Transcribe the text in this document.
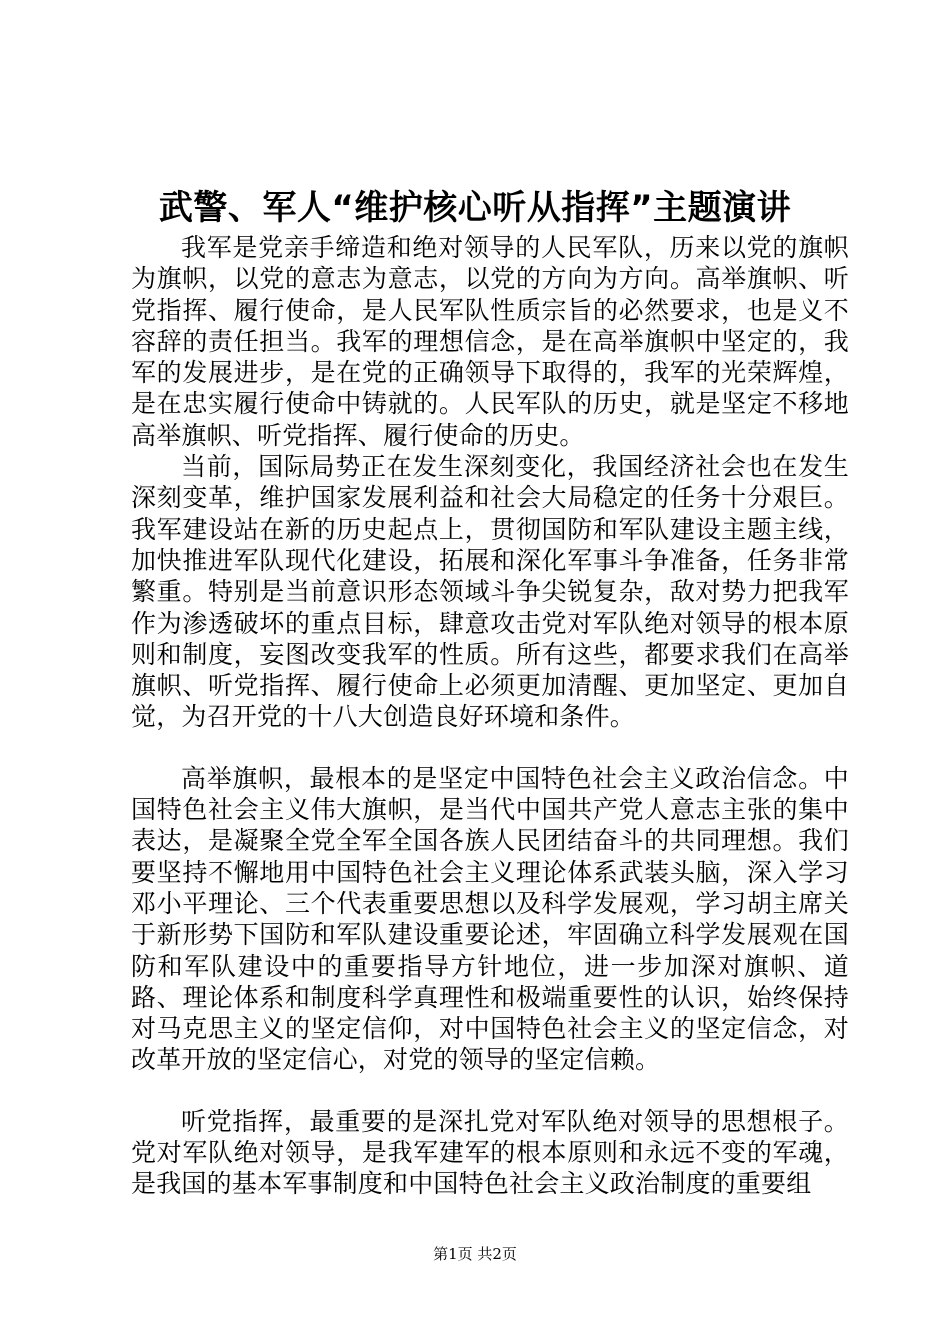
武警、军人“维护核心听从指挥”主题演讲

我军是党亲手缔造和绝对领导的人民军队，历来以党的旗帜为旗帜，以党的意志为意志，以党的方向为方向。高举旗帜、听党指挥、履行使命，是人民军队性质宗旨的必然要求，也是义不容辞的责任担当。我军的理想信念，是在高举旗帜中坚定的，我军的发展进步，是在党的正确领导下取得的，我军的光荣辉煌，是在忠实履行使命中铸就的。人民军队的历史，就是坚定不移地高举旗帜、听党指挥、履行使命的历史。

当前，国际局势正在发生深刻变化，我国经济社会也在发生深刻变革，维护国家发展利益和社会大局稳定的任务十分艰巨。我军建设站在新的历史起点上，贯彻国防和军队建设主题主线，加快推进军队现代化建设，拓展和深化军事斗争准备，任务非常繁重。特别是当前意识形态领域斗争尖锐复杂，敌对势力把我军作为渗透破坏的重点目标，肆意攻击党对军队绝对领导的根本原则和制度，妄图改变我军的性质。所有这些，都要求我们在高举旗帜、听党指挥、履行使命上必须更加清醒、更加坚定、更加自觉，为召开党的十八大创造良好环境和条件。

高举旗帜，最根本的是坚定中国特色社会主义政治信念。中国特色社会主义伟大旗帜，是当代中国共产党人意志主张的集中表达，是凝聚全党全军全国各族人民团结奋斗的共同理想。我们要坚持不懈地用中国特色社会主义理论体系武装头脑，深入学习邓小平理论、三个代表重要思想以及科学发展观，学习胡主席关于新形势下国防和军队建设重要论述，牢固确立科学发展观在国防和军队建设中的重要指导方针地位，进一步加深对旗帜、道路、理论体系和制度科学真理性和极端重要性的认识，始终保持对马克思主义的坚定信仰，对中国特色社会主义的坚定信念，对改革开放的坚定信心，对党的领导的坚定信赖。

听党指挥，最重要的是深扎党对军队绝对领导的思想根子。党对军队绝对领导，是我军建军的根本原则和永远不变的军魂，是我国的基本军事制度和中国特色社会主义政治制度的重要组

第1页 共2页
